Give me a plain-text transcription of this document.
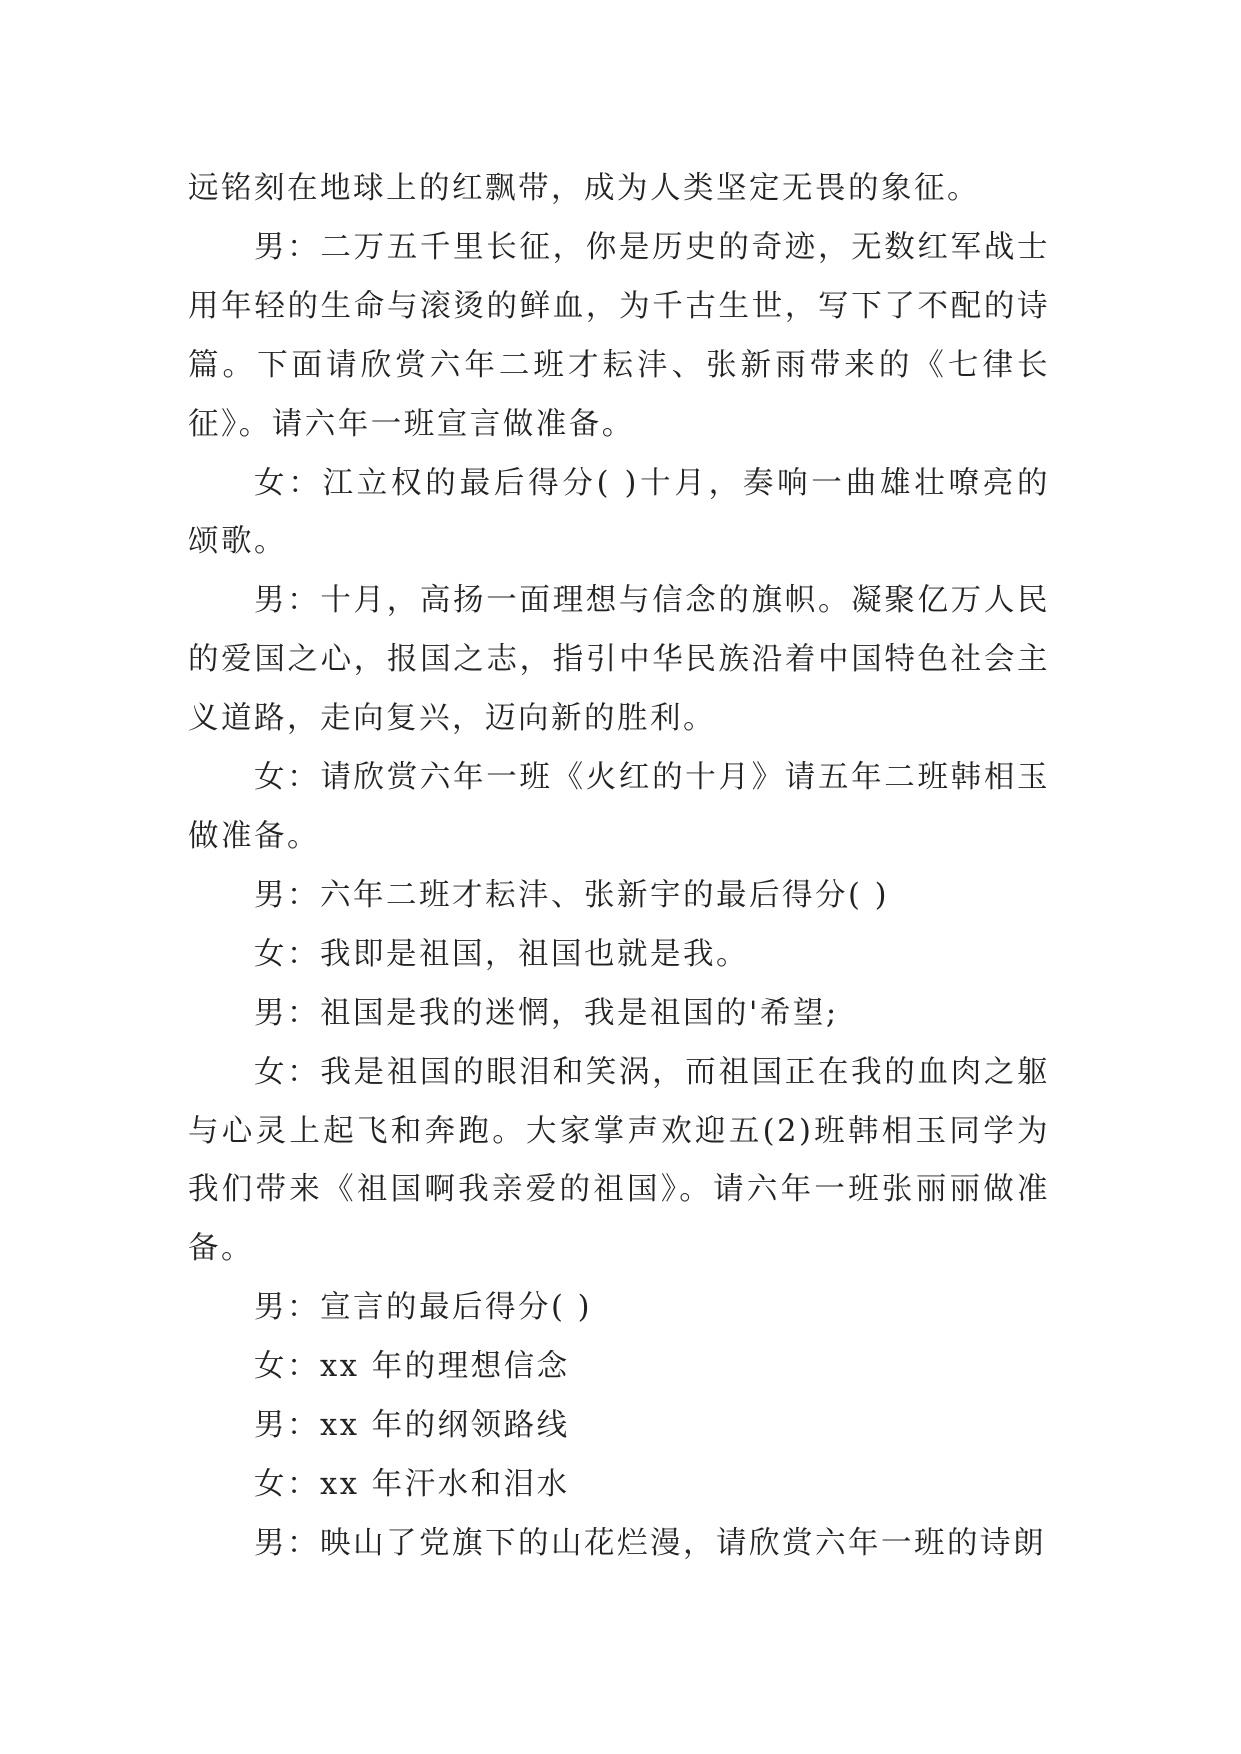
远铭刻在地球上的红飘带，成为人类坚定无畏的象征。

男：二万五千里长征，你是历史的奇迹，无数红军战士用年轻的生命与滚烫的鲜血，为千古生世，写下了不配的诗篇。下面请欣赏六年二班才耘沣、张新雨带来的《七律长征》。请六年一班宣言做准备。

女：江立权的最后得分( )十月，奏响一曲雄壮嘹亮的颂歌。

男：十月，高扬一面理想与信念的旗帜。凝聚亿万人民的爱国之心，报国之志，指引中华民族沿着中国特色社会主义道路，走向复兴，迈向新的胜利。

女：请欣赏六年一班《火红的十月》请五年二班韩相玉做准备。

男：六年二班才耘沣、张新宇的最后得分( )

女：我即是祖国，祖国也就是我。

男：祖国是我的迷惘，我是祖国的'希望;

女：我是祖国的眼泪和笑涡，而祖国正在我的血肉之躯与心灵上起飞和奔跑。大家掌声欢迎五(2)班韩相玉同学为我们带来《祖国啊我亲爱的祖国》。请六年一班张丽丽做准备。

男：宣言的最后得分( )

女：xx 年的理想信念

男：xx 年的纲领路线

女：xx 年汗水和泪水

男：映山了党旗下的山花烂漫，请欣赏六年一班的诗朗
